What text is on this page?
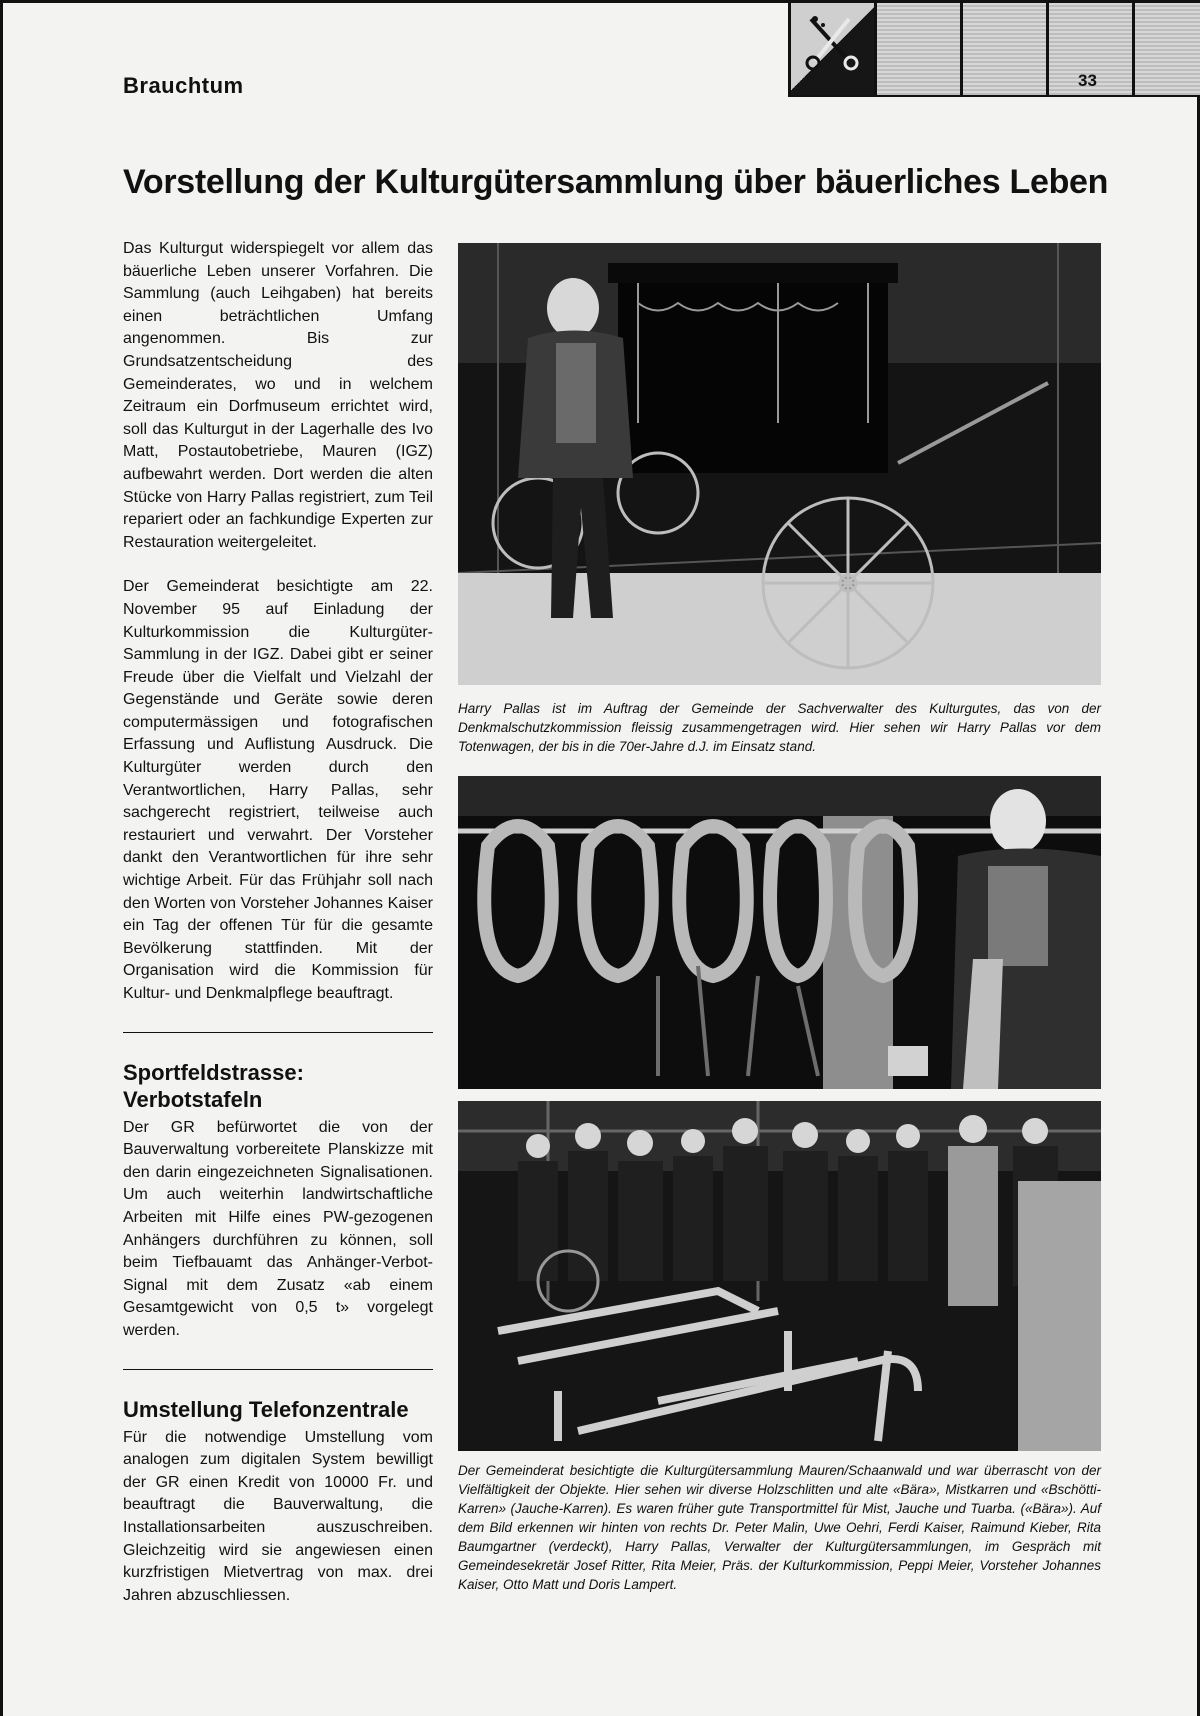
Brauchtum	33
Vorstellung der Kulturgütersammlung über bäuerliches Leben

Das Kulturgut widerspiegelt vor allem das bäuerliche Leben unserer Vorfahren. Die Sammlung (auch Leihgaben) hat bereits einen beträchtlichen Umfang angenommen. Bis zur Grundsatzentscheidung des Gemeinderates, wo und in welchem Zeitraum ein Dorfmuseum errichtet wird, soll das Kulturgut in der Lagerhalle des Ivo Matt, Postautobetriebe, Mauren (IGZ) aufbewahrt werden. Dort werden die alten Stücke von Harry Pallas registriert, zum Teil repariert oder an fachkundige Experten zur Restauration weitergeleitet.

Der Gemeinderat besichtigte am 22. November 95 auf Einladung der Kulturkommission die Kulturgüter-Sammlung in der IGZ. Dabei gibt er seiner Freude über die Vielfalt und Vielzahl der Gegenstände und Geräte sowie deren computermässigen und fotografischen Erfassung und Auflistung Ausdruck. Die Kulturgüter werden durch den Verantwortlichen, Harry Pallas, sehr sachgerecht registriert, teilweise auch restauriert und verwahrt. Der Vorsteher dankt den Verantwortlichen für ihre sehr wichtige Arbeit. Für das Frühjahr soll nach den Worten von Vorsteher Johannes Kaiser ein Tag der offenen Tür für die gesamte Bevölkerung stattfinden. Mit der Organisation wird die Kommission für Kultur- und Denkmalpflege beauftragt.

Sportfeldstrasse: Verbotstafeln

Der GR befürwortet die von der Bauverwaltung vorbereitete Planskizze mit den darin eingezeichneten Signalisationen. Um auch weiterhin landwirtschaftliche Arbeiten mit Hilfe eines PW-gezogenen Anhängers durchführen zu können, soll beim Tiefbauamt das Anhänger-Verbot-Signal mit dem Zusatz «ab einem Gesamtgewicht von 0,5 t» vorgelegt werden.

Umstellung Telefonzentrale

Für die notwendige Umstellung vom analogen zum digitalen System bewilligt der GR einen Kredit von 10000 Fr. und beauftragt die Bauverwaltung, die Installationsarbeiten auszuschreiben. Gleichzeitig wird sie angewiesen einen kurzfristigen Mietvertrag von max. drei Jahren abzuschliessen.

Harry Pallas ist im Auftrag der Gemeinde der Sachverwalter des Kulturgutes, das von der Denkmalschutzkommission fleissig zusammengetragen wird. Hier sehen wir Harry Pallas vor dem Totenwagen, der bis in die 70er-Jahre d.J. im Einsatz stand.

Der Gemeinderat besichtigte die Kulturgütersammlung Mauren/Schaanwald und war überrascht von der Vielfältigkeit der Objekte. Hier sehen wir diverse Holzschlitten und alte «Bära», Mistkarren und «Bschötti-Karren» (Jauche-Karren). Es waren früher gute Transportmittel für Mist, Jauche und Tuarba. («Bära»). Auf dem Bild erkennen wir hinten von rechts Dr. Peter Malin, Uwe Oehri, Ferdi Kaiser, Raimund Kieber, Rita Baumgartner (verdeckt), Harry Pallas, Verwalter der Kulturgütersammlungen, im Gespräch mit Gemeindesekretär Josef Ritter, Rita Meier, Präs. der Kulturkommission, Peppi Meier, Vorsteher Johannes Kaiser, Otto Matt und Doris Lampert.
